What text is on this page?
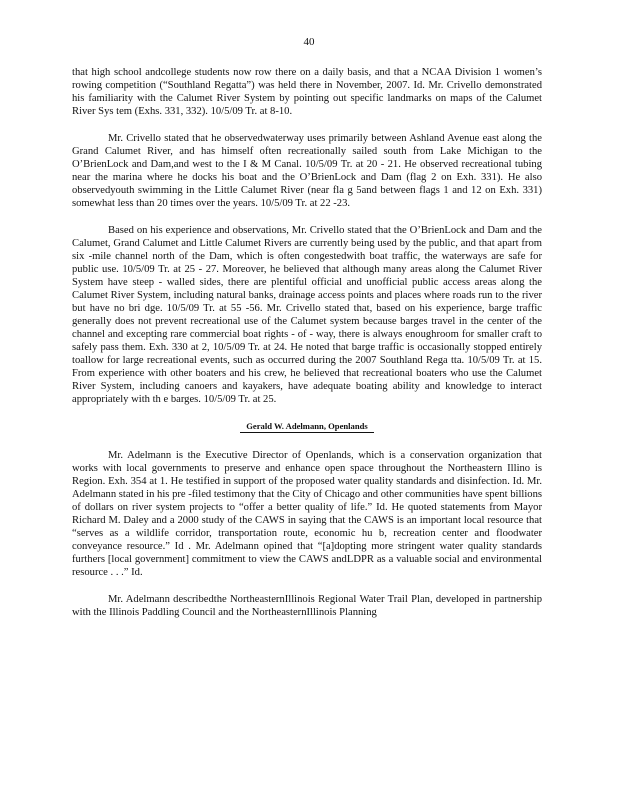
40

that high school andcollege students now row there on a daily basis, and that a NCAA Division 1 women’s rowing competition (“Southland Regatta”) was held there in November, 2007. Id. Mr. Crivello demonstrated his familiarity with the Calumet River System by pointing out specific landmarks on maps of the Calumet River Sys tem (Exhs. 331, 332). 10/5/09 Tr. at 8-10.

Mr. Crivello stated that he observedwaterway uses primarily between Ashland Avenue east along the Grand Calumet River, and has himself often recreationally sailed south from Lake Michigan to the O’BrienLock and Dam,and west to the I & M Canal. 10/5/09 Tr. at 20 - 21. He observed recreational tubing near the marina where he docks his boat and the O’BrienLock and Dam (flag 2 on Exh. 331). He also observedyouth swimming in the Little Calumet River (near fla g 5and between flags 1 and 12 on Exh. 331) somewhat less than 20 times over the years. 10/5/09 Tr. at 22 -23.

Based on his experience and observations, Mr. Crivello stated that the O’BrienLock and Dam and the Calumet, Grand Calumet and Little Calumet Rivers are currently being used by the public, and that apart from six -mile channel north of the Dam, which is often congestedwith boat traffic, the waterways are safe for public use. 10/5/09 Tr. at 25 - 27. Moreover, he believed that although many areas along the Calumet River System have steep - walled sides, there are plentiful official and unofficial public access areas along the Calumet River System, including natural banks, drainage access points and places where roads run to the river but have no bri dge. 10/5/09 Tr. at 55 -56. Mr. Crivello stated that, based on his experience, barge traffic generally does not prevent recreational use of the Calumet system because barges travel in the center of the channel and excepting rare commercial boat rights - of - way, there is always enoughroom for smaller craft to safely pass them. Exh. 330 at 2, 10/5/09 Tr. at 24. He noted that barge traffic is occasionally stopped entirely toallow for large recreational events, such as occurred during the 2007 Southland Rega tta. 10/5/09 Tr. at 15. From experience with other boaters and his crew, he believed that recreational boaters who use the Calumet River System, including canoers and kayakers, have adequate boating ability and knowledge to interact appropriately with th e barges. 10/5/09 Tr. at 25.

Gerald W. Adelmann, Openlands

Mr. Adelmann is the Executive Director of Openlands, which is a conservation organization that works with local governments to preserve and enhance open space throughout the Northeastern Illino is Region. Exh. 354 at 1. He testified in support of the proposed water quality standards and disinfection. Id. Mr. Adelmann stated in his pre -filed testimony that the City of Chicago and other communities have spent billions of dollars on river system projects to “offer a better quality of life.” Id. He quoted statements from Mayor Richard M. Daley and a 2000 study of the CAWS in saying that the CAWS is an important local resource that “serves as a wildlife corridor, transportation route, economic hu b, recreation center and floodwater conveyance resource.” Id . Mr. Adelmann opined that “[a]dopting more stringent water quality standards furthers [local government] commitment to view the CAWS andLDPR as a valuable social and environmental resource . . .” Id.

Mr. Adelmann describedthe NortheasternIllinois Regional Water Trail Plan, developed in partnership with the Illinois Paddling Council and the NortheasternIllinois Planning
